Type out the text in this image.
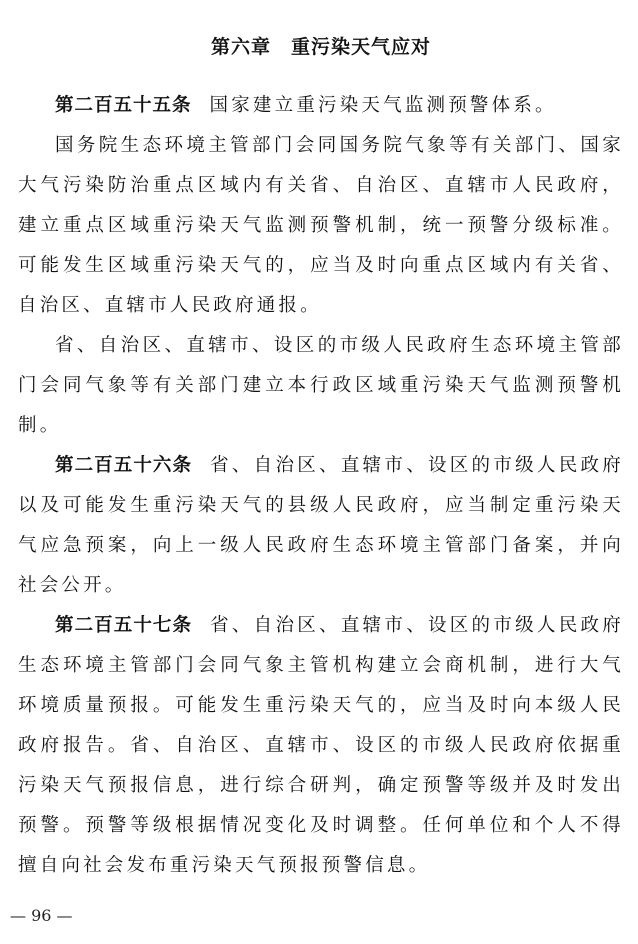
第六章　重污染天气应对

第二百五十五条 国家建立重污染天气监测预警体系。

国务院生态环境主管部门会同国务院气象等有关部门、国家大气污染防治重点区域内有关省、自治区、直辖市人民政府，建立重点区域重污染天气监测预警机制，统一预警分级标准。可能发生区域重污染天气的，应当及时向重点区域内有关省、自治区、直辖市人民政府通报。

省、自治区、直辖市、设区的市级人民政府生态环境主管部门会同气象等有关部门建立本行政区域重污染天气监测预警机制。

第二百五十六条 省、自治区、直辖市、设区的市级人民政府以及可能发生重污染天气的县级人民政府，应当制定重污染天气应急预案，向上一级人民政府生态环境主管部门备案，并向社会公开。

第二百五十七条 省、自治区、直辖市、设区的市级人民政府生态环境主管部门会同气象主管机构建立会商机制，进行大气环境质量预报。可能发生重污染天气的，应当及时向本级人民政府报告。省、自治区、直辖市、设区的市级人民政府依据重污染天气预报信息，进行综合研判，确定预警等级并及时发出预警。预警等级根据情况变化及时调整。任何单位和个人不得擅自向社会发布重污染天气预报预警信息。

— 96 —
